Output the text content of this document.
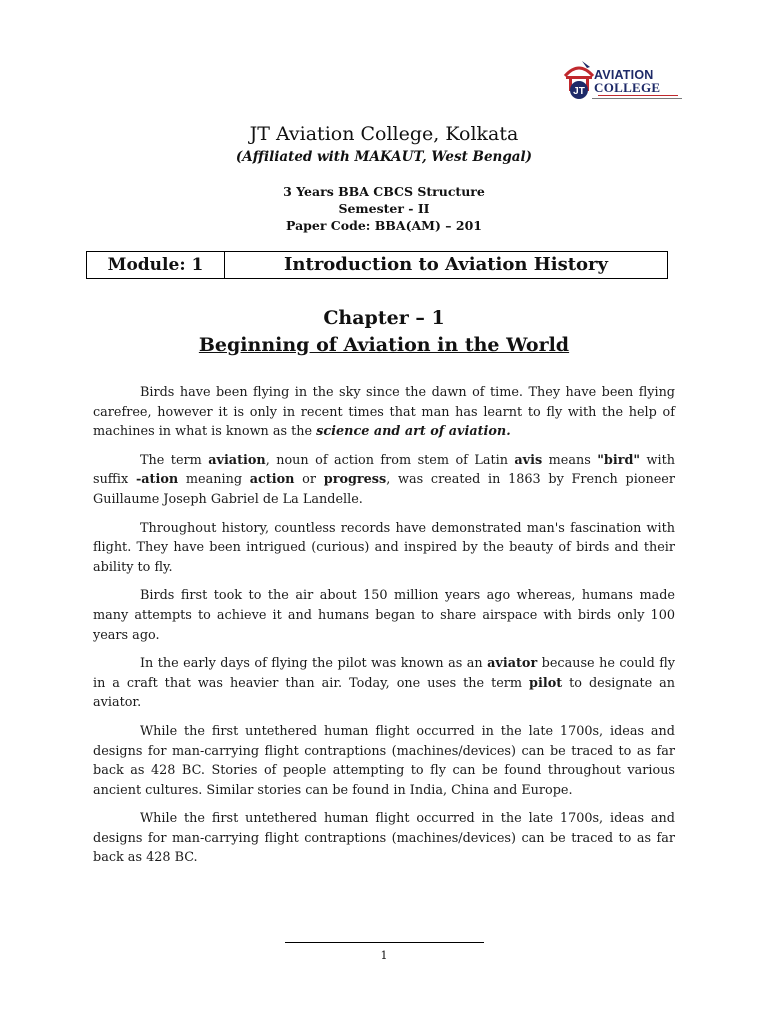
JT
AVIATION
COLLEGE
JT Aviation College, Kolkata
(Affiliated with MAKAUT, West Bengal)
3 Years BBA CBCS Structure
Semester - II
Paper Code: BBA(AM) – 201
Module: 1	Introduction to Aviation History
Chapter – 1
Beginning of Aviation in the World

Birds have been flying in the sky since the dawn of time. They have been flying carefree, however it is only in recent times that man has learnt to fly with the help of machines in what is known as the science and art of aviation.

The term aviation, noun of action from stem of Latin avis means "bird" with suffix -ation meaning action or progress, was created in 1863 by French pioneer Guillaume Joseph Gabriel de La Landelle.

Throughout history, countless records have demonstrated man's fascination with flight. They have been intrigued (curious) and inspired by the beauty of birds and their ability to fly.

Birds first took to the air about 150 million years ago whereas, humans made many attempts to achieve it and humans began to share airspace with birds only 100 years ago.

In the early days of flying the pilot was known as an aviator because he could fly in a craft that was heavier than air. Today, one uses the term pilot to designate an aviator.

While the first untethered human flight occurred in the late 1700s, ideas and designs for man-carrying flight contraptions (machines/devices) can be traced to as far back as 428 BC. Stories of people attempting to fly can be found throughout various ancient cultures. Similar stories can be found in India, China and Europe.

While the first untethered human flight occurred in the late 1700s, ideas and designs for man-carrying flight contraptions (machines/devices) can be traced to as far back as 428 BC.

1
